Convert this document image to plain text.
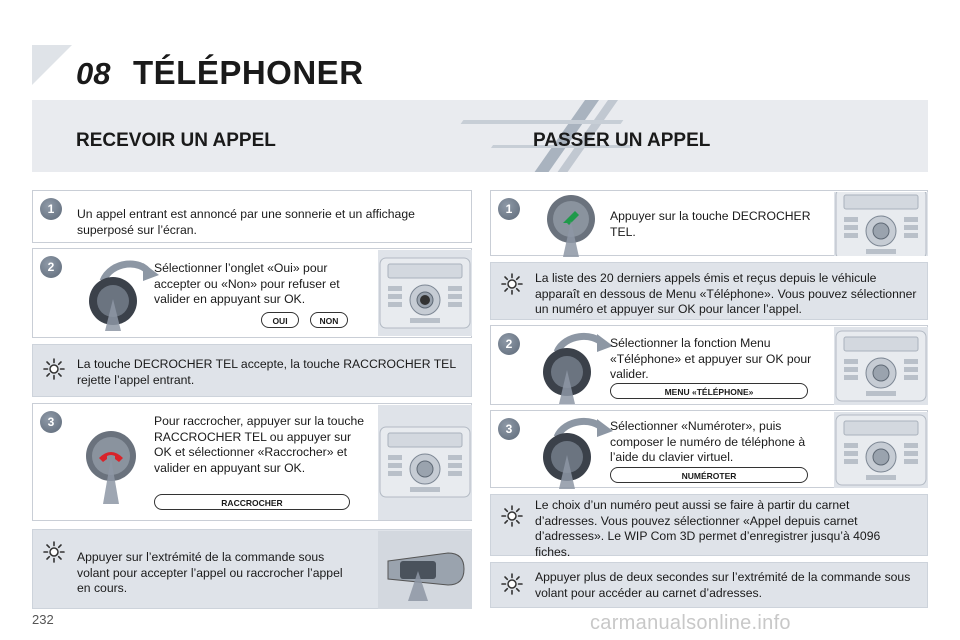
08 TÉLÉPHONER
RECEVOIR UN APPEL	PASSER UN APPEL
1	Un appel entrant est annoncé par une sonnerie et un affichage superposé sur l’écran.
2	Sélectionner l’onglet «Oui» pour accepter ou «Non» pour refuser et valider en appuyant sur OK.
OUI	NON
La touche DECROCHER TEL accepte, la touche RACCROCHER TEL rejette l’appel entrant.
3	Pour raccrocher, appuyer sur la touche RACCROCHER TEL ou appuyer sur OK et sélectionner «Raccrocher» et valider en appuyant sur OK.
RACCROCHER
Appuyer sur l’extrémité de la commande sous volant pour accepter l’appel ou raccrocher l’appel en cours.
1	Appuyer sur la touche DECROCHER TEL.
La liste des 20 derniers appels émis et reçus depuis le véhicule apparaît en dessous de Menu «Téléphone». Vous pouvez sélectionner un numéro et appuyer sur OK pour lancer l’appel.
2	Sélectionner la fonction Menu «Téléphone» et appuyer sur OK pour valider.
MENU «TÉLÉPHONE»
3	Sélectionner «Numéroter», puis composer le numéro de téléphone à l’aide du clavier virtuel.
NUMÉROTER
Le choix d’un numéro peut aussi se faire à partir du carnet d’adresses. Vous pouvez sélectionner «Appel depuis carnet d’adresses». Le WIP Com 3D permet d’enregistrer jusqu’à 4096 fiches.
Appuyer plus de deux secondes sur l’extrémité de la commande sous volant pour accéder au carnet d’adresses.
232	carmanualsonline.info
